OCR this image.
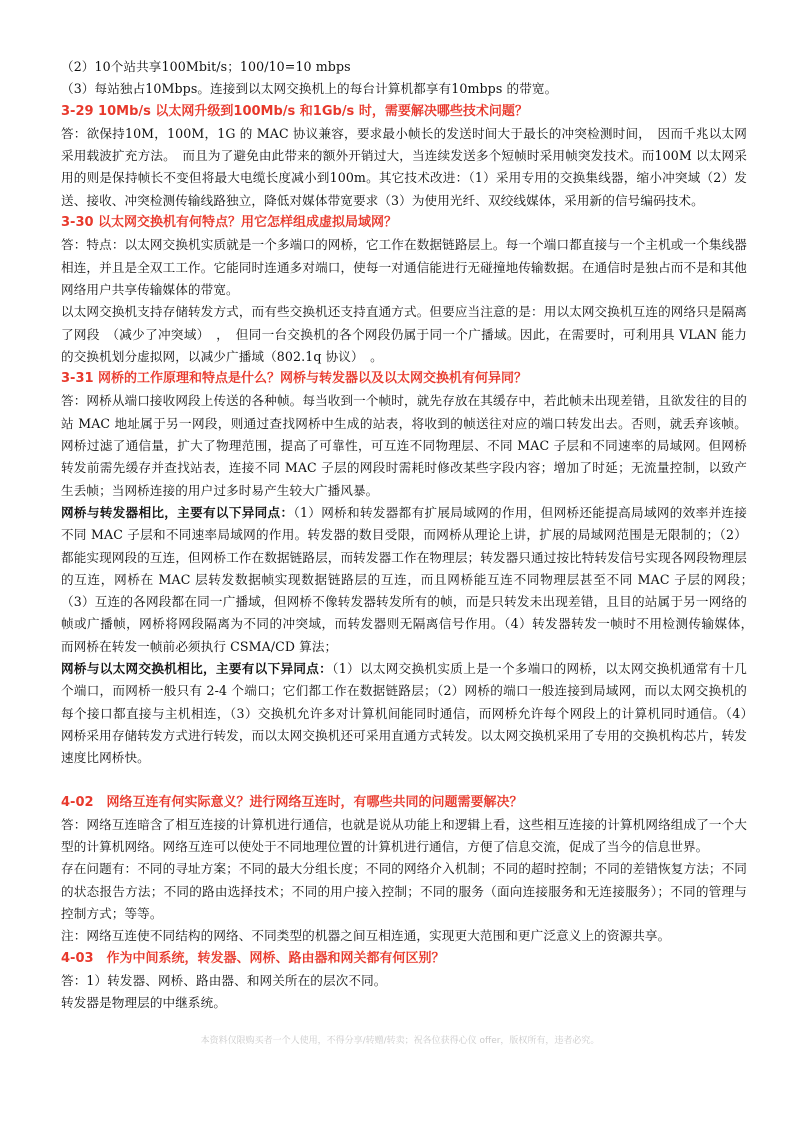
（2）10个站共享100Mbit/s；100/10=10 mbps

（3）每站独占10Mbps。连接到以太网交换机上的每台计算机都享有10mbps 的带宽。

3-29 10Mb/s 以太网升级到100Mb/s 和1Gb/s 时，需要解决哪些技术问题？

答：欲保持10M，100M，1G 的 MAC 协议兼容，要求最小帧长的发送时间大于最长的冲突检测时间，　因而千兆以太网采用载波扩充方法。　而且为了避免由此带来的额外开销过大，当连续发送多个短帧时采用帧突发技术。而100M 以太网采用的则是保持帧长不变但将最大电缆长度减小到100m。其它技术改进：（1）采用专用的交换集线器，缩小冲突域（2）发送、接收、冲突检测传输线路独立，降低对媒体带宽要求（3）为使用光纤、双绞线媒体，采用新的信号编码技术。

3-30 以太网交换机有何特点？用它怎样组成虚拟局域网？

答：特点：以太网交换机实质就是一个多端口的网桥，它工作在数据链路层上。每一个端口都直接与一个主机或一个集线器相连，并且是全双工工作。它能同时连通多对端口，使每一对通信能进行无碰撞地传输数据。在通信时是独占而不是和其他网络用户共享传输媒体的带宽。

以太网交换机支持存储转发方式，而有些交换机还支持直通方式。但要应当注意的是：用以太网交换机互连的网络只是隔离了网段　（减少了冲突域）　，　但同一台交换机的各个网段仍属于同一个广播域。因此，在需要时，可利用具 VLAN 能力的交换机划分虚拟网，以减少广播域（802.1q 协议）　。

3-31 网桥的工作原理和特点是什么？网桥与转发器以及以太网交换机有何异同？

答：网桥从端口接收网段上传送的各种帧。每当收到一个帧时，就先存放在其缓存中，若此帧未出现差错，且欲发往的目的站 MAC 地址属于另一网段，则通过查找网桥中生成的站表，将收到的帧送往对应的端口转发出去。否则，就丢弃该帧。网桥过滤了通信量，扩大了物理范围，提高了可靠性，可互连不同物理层、不同 MAC 子层和不同速率的局域网。但网桥转发前需先缓存并查找站表，连接不同 MAC 子层的网段时需耗时修改某些字段内容；增加了时延；无流量控制，以致产生丢帧；当网桥连接的用户过多时易产生较大广播风暴。

网桥与转发器相比，主要有以下异同点：（1）网桥和转发器都有扩展局域网的作用，但网桥还能提高局域网的效率并连接不同 MAC 子层和不同速率局域网的作用。转发器的数目受限，而网桥从理论上讲，扩展的局域网范围是无限制的；（2）都能实现网段的互连，但网桥工作在数据链路层，而转发器工作在物理层；转发器只通过按比特转发信号实现各网段物理层的互连，网桥在 MAC 层转发数据帧实现数据链路层的互连，而且网桥能互连不同物理层甚至不同 MAC 子层的网段；　（3）互连的各网段都在同一广播域，但网桥不像转发器转发所有的帧，而是只转发未出现差错，且目的站属于另一网络的帧或广播帧，网桥将网段隔离为不同的冲突域，而转发器则无隔离信号作用。（4）转发器转发一帧时不用检测传输媒体，　而网桥在转发一帧前必须执行 CSMA/CD 算法；

网桥与以太网交换机相比，主要有以下异同点：（1）以太网交换机实质上是一个多端口的网桥，以太网交换机通常有十几个端口，而网桥一般只有 2-4 个端口；它们都工作在数据链路层；（2）网桥的端口一般连接到局域网，而以太网交换机的每个接口都直接与主机相连，（3）交换机允许多对计算机间能同时通信，而网桥允许每个网段上的计算机同时通信。（4）　网桥采用存储转发方式进行转发，而以太网交换机还可采用直通方式转发。以太网交换机采用了专用的交换机构芯片，转发速度比网桥快。

4-02　网络互连有何实际意义？进行网络互连时，有哪些共同的问题需要解决？

答：网络互连暗含了相互连接的计算机进行通信，也就是说从功能上和逻辑上看，这些相互连接的计算机网络组成了一个大型的计算机网络。网络互连可以使处于不同地理位置的计算机进行通信，方便了信息交流，促成了当今的信息世界。

存在问题有：不同的寻址方案；不同的最大分组长度；不同的网络介入机制；不同的超时控制；不同的差错恢复方法；不同的状态报告方法；不同的路由选择技术；不同的用户接入控制；不同的服务（面向连接服务和无连接服务）；不同的管理与控制方式；等等。

注：网络互连使不同结构的网络、不同类型的机器之间互相连通，实现更大范围和更广泛意义上的资源共享。

4-03　作为中间系统，转发器、网桥、路由器和网关都有何区别？

答：1）转发器、网桥、路由器、和网关所在的层次不同。

转发器是物理层的中继系统。

本资料仅限购买者一个人使用，不得分享/转赠/转卖；祝各位获得心仪 offer，版权所有，违者必究。
